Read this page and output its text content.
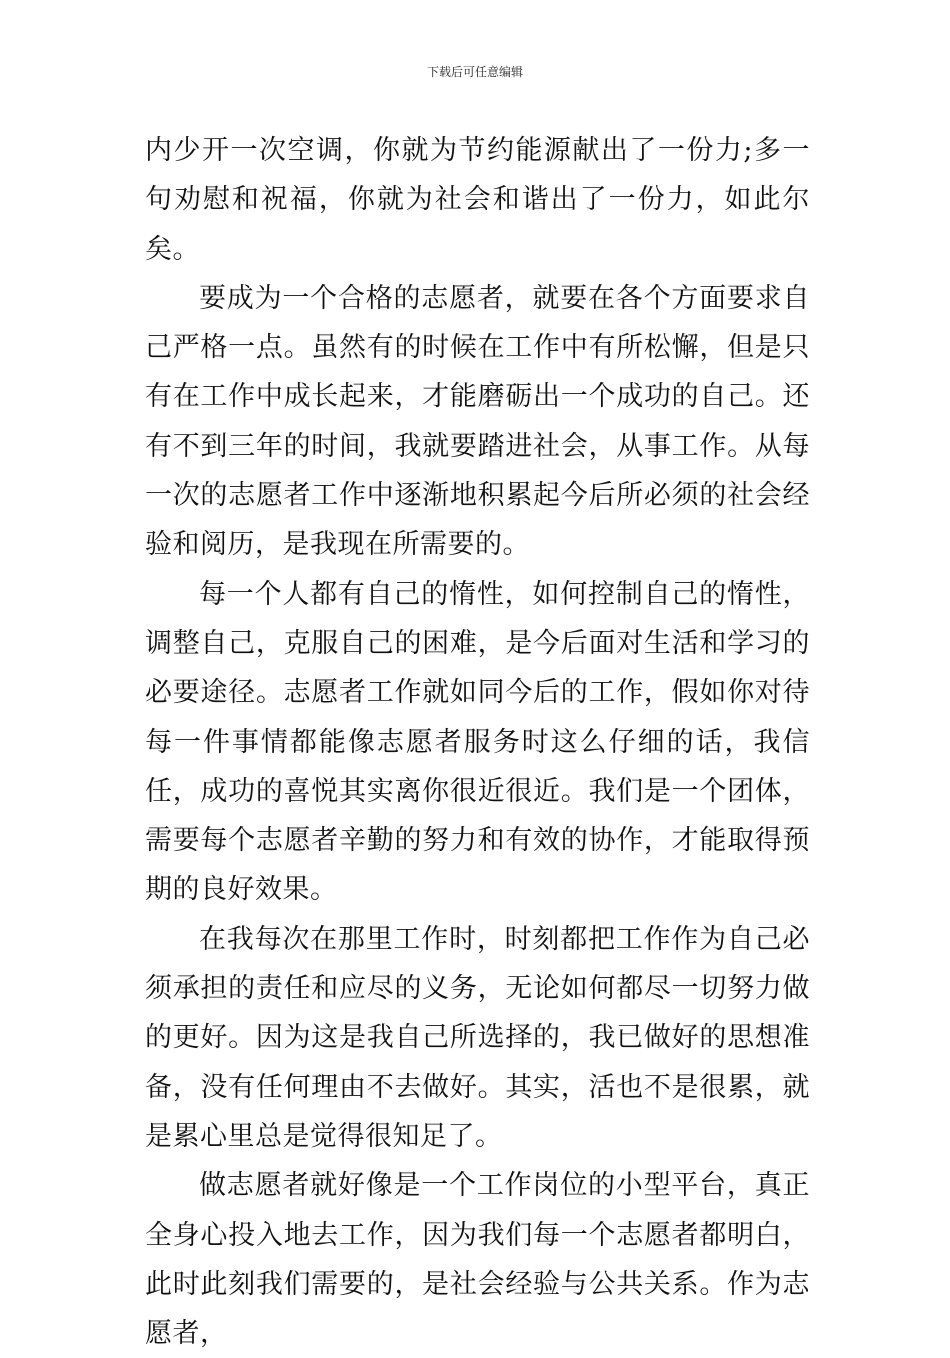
下载后可任意编辑

内少开一次空调，你就为节约能源献出了一份力;多一句劝慰和祝福，你就为社会和谐出了一份力，如此尔矣。

要成为一个合格的志愿者，就要在各个方面要求自己严格一点。虽然有的时候在工作中有所松懈，但是只有在工作中成长起来，才能磨砺出一个成功的自己。还有不到三年的时间，我就要踏进社会，从事工作。从每一次的志愿者工作中逐渐地积累起今后所必须的社会经验和阅历，是我现在所需要的。

每一个人都有自己的惰性，如何控制自己的惰性，调整自己，克服自己的困难，是今后面对生活和学习的必要途径。志愿者工作就如同今后的工作，假如你对待每一件事情都能像志愿者服务时这么仔细的话，我信任，成功的喜悦其实离你很近很近。我们是一个团体，需要每个志愿者辛勤的努力和有效的协作，才能取得预期的良好效果。

在我每次在那里工作时，时刻都把工作作为自己必须承担的责任和应尽的义务，无论如何都尽一切努力做的更好。因为这是我自己所选择的，我已做好的思想准备，没有任何理由不去做好。其实，活也不是很累，就是累心里总是觉得很知足了。

做志愿者就好像是一个工作岗位的小型平台，真正全身心投入地去工作，因为我们每一个志愿者都明白，此时此刻我们需要的，是社会经验与公共关系。作为志愿者，
